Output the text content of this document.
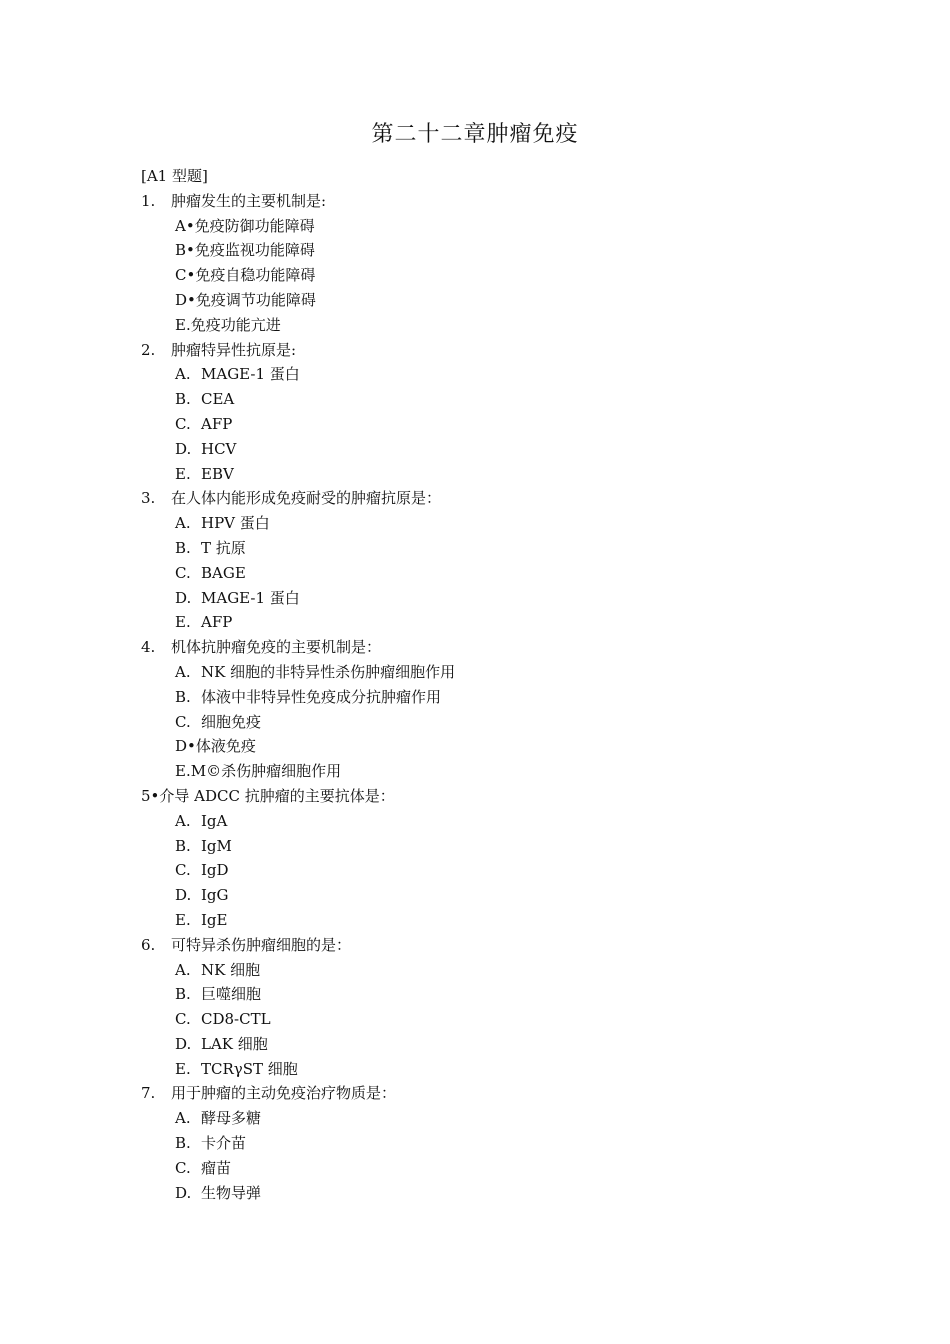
第二十二章肿瘤免疫
[A1 型题]
1. 肿瘤发生的主要机制是:
A•免疫防御功能障碍
B•免疫监视功能障碍
C•免疫自稳功能障碍
D•免疫调节功能障碍
E.免疫功能亢进
2. 肿瘤特异性抗原是:
A. MAGE-1 蛋白
B. CEA
C. AFP
D. HCV
E. EBV
3. 在人体内能形成免疫耐受的肿瘤抗原是：
A. HPV 蛋白
B. T 抗原
C. BAGE
D. MAGE-1 蛋白
E. AFP
4. 机体抗肿瘤免疫的主要机制是：
A. NK 细胞的非特异性杀伤肿瘤细胞作用
B. 体液中非特异性免疫成分抗肿瘤作用
C. 细胞免疫
D•体液免疫
E.M©杀伤肿瘤细胞作用
5•介导 ADCC 抗肿瘤的主要抗体是：
A. IgA
B. IgM
C. IgD
D. IgG
E. IgE
6. 可特异杀伤肿瘤细胞的是：
A. NK 细胞
B. 巨噬细胞
C. CD8-CTL
D. LAK 细胞
E. TCRγST 细胞
7. 用于肿瘤的主动免疫治疗物质是：
A. 酵母多糖
B. 卡介苗
C. 瘤苗
D. 生物导弹
